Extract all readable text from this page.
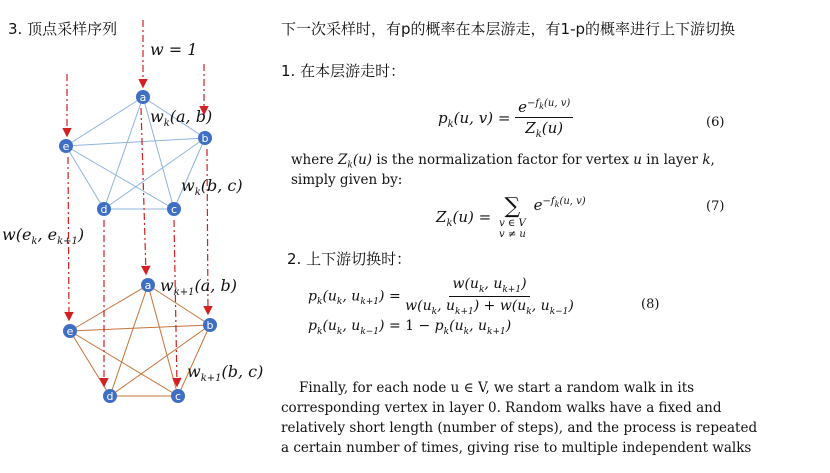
3. 顶点采样序列
a
b
c
d
e
a
b
c
d
e
w = 1
$w_k(a$, b)
$w_k(b$, c)
$w(e_k$, $e_{k+1}$)
$w_{k+1}(a$, b)
$w_{k+1}(b$, c)
下一次采样时，有p的概率在本层游走，有1-p的概率进行上下游切换
1. 在本层游走时：
$p_k(u$, $v) = \frac{e^{-f_k(u, v)}}{Z_k(u)}$	(6)
where $Z_k(u)$ is the normalization factor for vertex u in layer k,
simply given by:
$Z_k(u)$ = ∑
v ∈ V
v ≠ u
$e^{-f_k(u, v)}$	(7)
2. 上下游切换时：
$p_k(u_k$, $u_{k+1}) = \frac{w(u_k, u_{k+1})}{w(u_k, u_{k+1}) + w(u_k, u_{k-1})}$
$p_k(u_k$, $u_{k-1}) = 1 - p_k(u_k$, $u_{k+1}$)
(8)

Finally, for each node u ∈ V, we start a random walk in its

corresponding vertex in layer 0. Random walks have a fixed and

relatively short length (number of steps), and the process is repeated

a certain number of times, giving rise to multiple independent walks
